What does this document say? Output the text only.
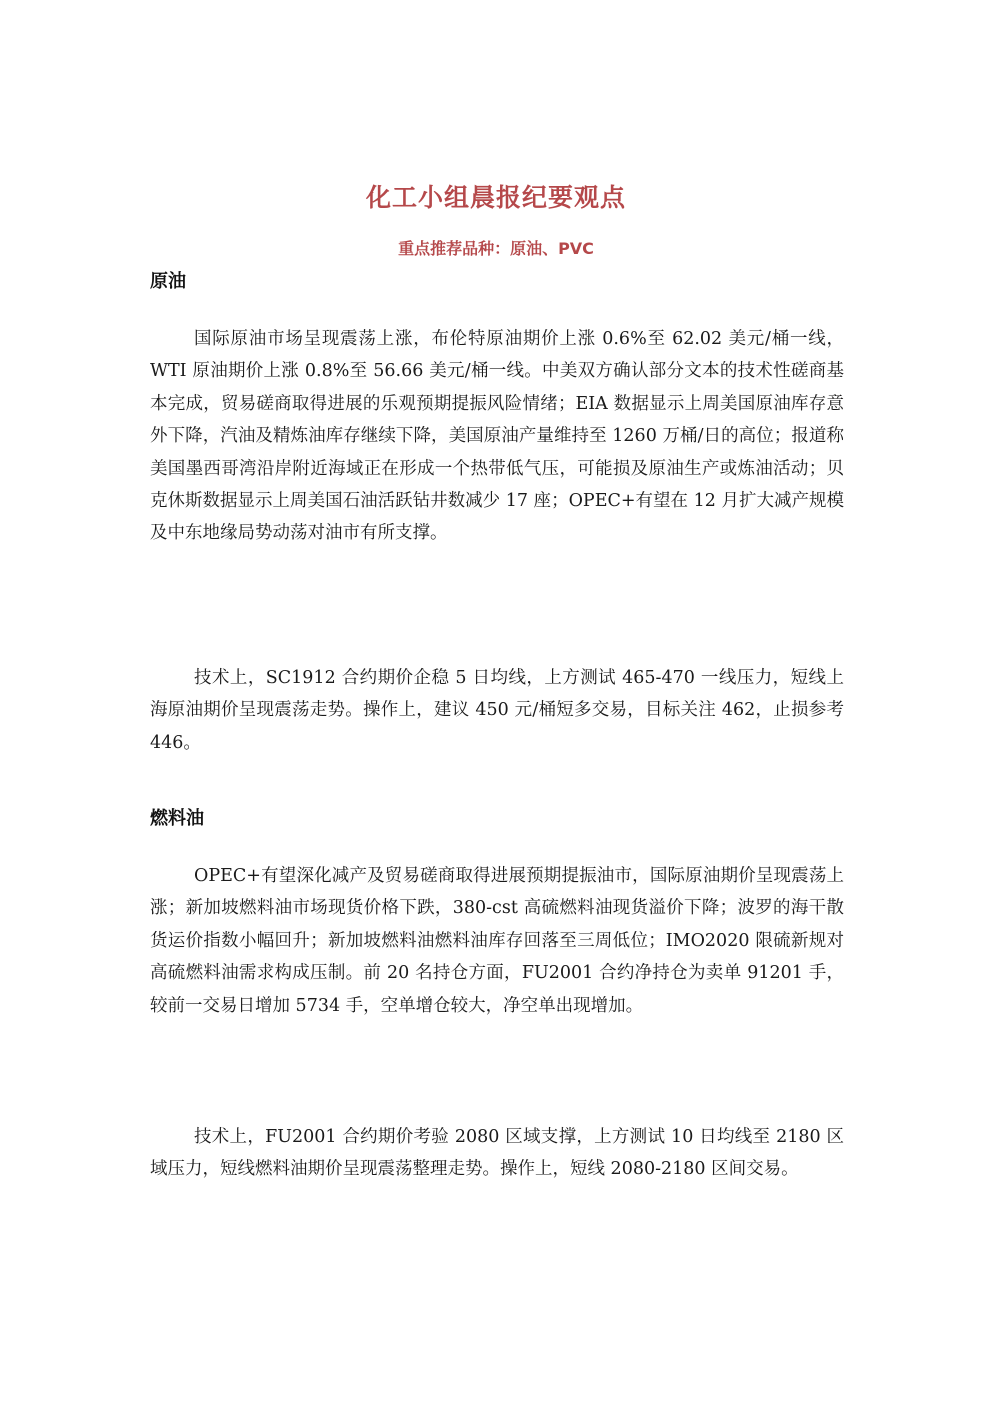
化工小组晨报纪要观点
重点推荐品种：原油、PVC
原油

国际原油市场呈现震荡上涨，布伦特原油期价上涨 0.6%至 62.02 美元/桶一线，WTI 原油期价上涨 0.8%至 56.66 美元/桶一线。中美双方确认部分文本的技术性磋商基本完成，贸易磋商取得进展的乐观预期提振风险情绪；EIA 数据显示上周美国原油库存意外下降，汽油及精炼油库存继续下降，美国原油产量维持至 1260 万桶/日的高位；报道称美国墨西哥湾沿岸附近海域正在形成一个热带低气压，可能损及原油生产或炼油活动；贝克休斯数据显示上周美国石油活跃钻井数减少 17 座；OPEC+有望在 12 月扩大减产规模及中东地缘局势动荡对油市有所支撑。

技术上，SC1912 合约期价企稳 5 日均线，上方测试 465-470 一线压力，短线上海原油期价呈现震荡走势。操作上，建议 450 元/桶短多交易，目标关注 462，止损参考 446。

燃料油

OPEC+有望深化减产及贸易磋商取得进展预期提振油市，国际原油期价呈现震荡上涨；新加坡燃料油市场现货价格下跌，380-cst 高硫燃料油现货溢价下降；波罗的海干散货运价指数小幅回升；新加坡燃料油燃料油库存回落至三周低位；IMO2020 限硫新规对高硫燃料油需求构成压制。前 20 名持仓方面，FU2001 合约净持仓为卖单 91201 手，较前一交易日增加 5734 手，空单增仓较大，净空单出现增加。

技术上，FU2001 合约期价考验 2080 区域支撑，上方测试 10 日均线至 2180 区域压力，短线燃料油期价呈现震荡整理走势。操作上，短线 2080-2180 区间交易。
